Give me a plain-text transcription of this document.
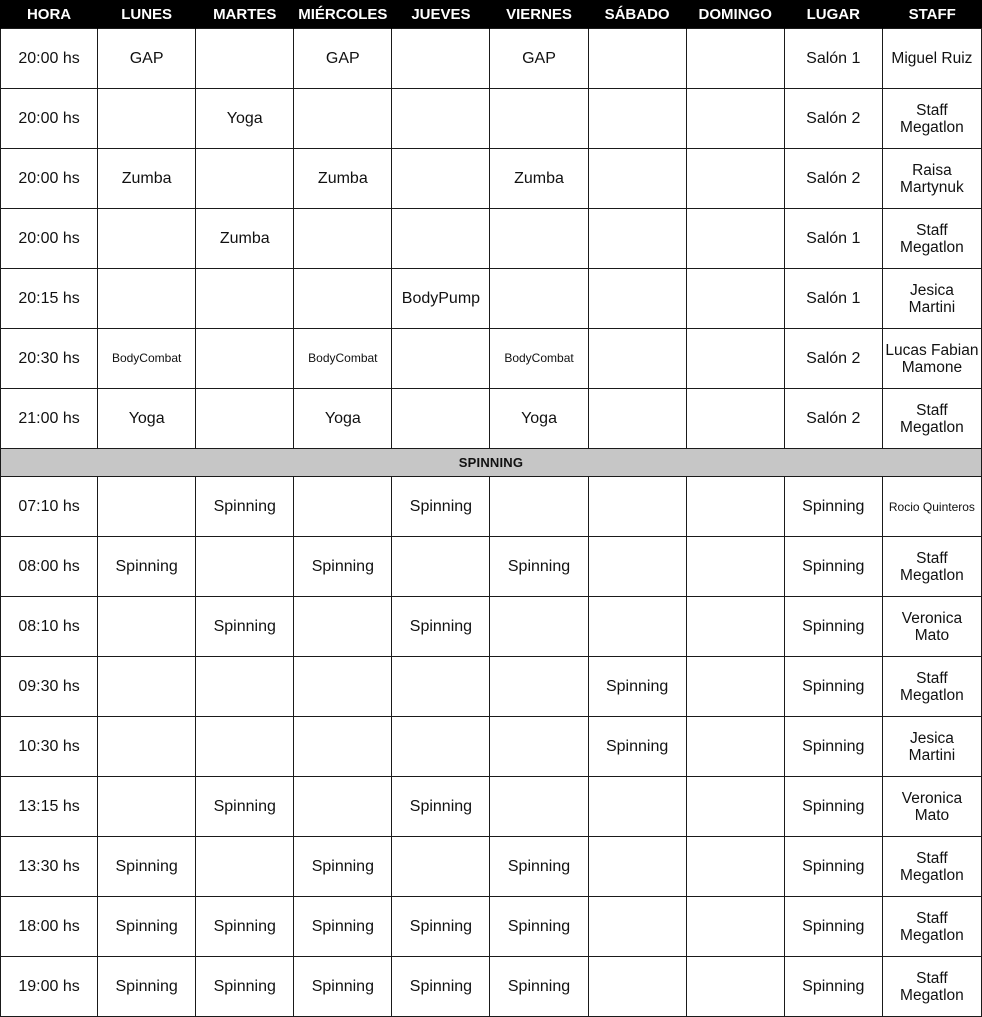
HORA	LUNES	MARTES	MIÉRCOLES	JUEVES	VIERNES	SÁBADO	DOMINGO	LUGAR	STAFF
20:00 hs	GAP		GAP		GAP			Salón 1	Miguel Ruiz
20:00 hs		Yoga						Salón 2	Staff Megatlon
20:00 hs	Zumba		Zumba		Zumba			Salón 2	Raisa Martynuk
20:00 hs		Zumba						Salón 1	Staff Megatlon
20:15 hs				BodyPump				Salón 1	Jesica Martini
20:30 hs	BodyCombat		BodyCombat		BodyCombat			Salón 2	Lucas Fabian Mamone
21:00 hs	Yoga		Yoga		Yoga			Salón 2	Staff Megatlon
SPINNING									
07:10 hs		Spinning		Spinning				Spinning	Rocio Quinteros
08:00 hs	Spinning		Spinning		Spinning			Spinning	Staff Megatlon
08:10 hs		Spinning		Spinning				Spinning	Veronica Mato
09:30 hs						Spinning		Spinning	Staff Megatlon
10:30 hs						Spinning		Spinning	Jesica Martini
13:15 hs		Spinning		Spinning				Spinning	Veronica Mato
13:30 hs	Spinning		Spinning		Spinning			Spinning	Staff Megatlon
18:00 hs	Spinning	Spinning	Spinning	Spinning	Spinning			Spinning	Staff Megatlon
19:00 hs	Spinning	Spinning	Spinning	Spinning	Spinning			Spinning	Staff Megatlon
